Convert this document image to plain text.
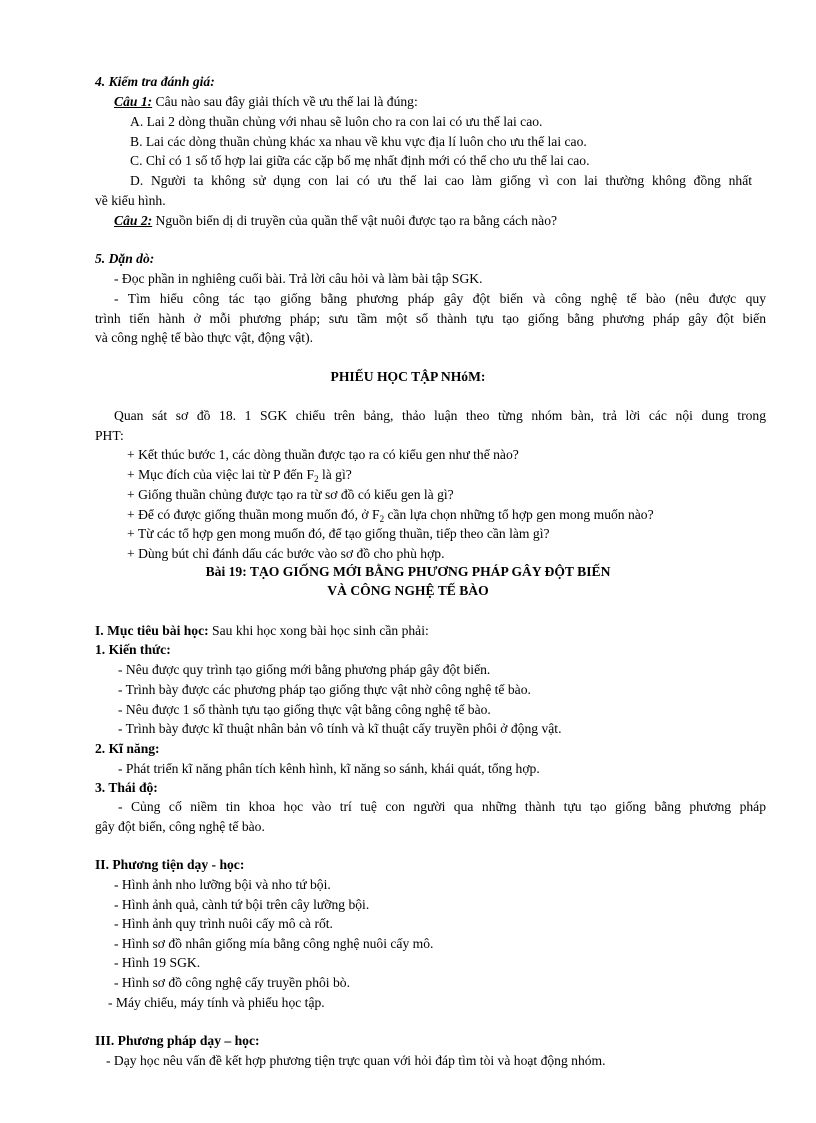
4. Kiểm tra đánh giá:
Câu 1: Câu nào sau đây giải thích về ưu thế lai là đúng:
A. Lai 2 dòng thuần chủng với nhau sẽ luôn cho ra con lai có ưu thế lai cao.
B. Lai các dòng thuần chủng khác xa nhau về khu vực địa lí luôn cho ưu thế lai cao.
C. Chỉ có 1 số tổ hợp lai giữa các cặp bố mẹ nhất định mới có thể cho ưu thế lai cao.
D. Người ta không sử dụng con lai có ưu thế lai cao làm giống vì con lai thường không đồng nhất
về kiểu hình.
Câu 2: Nguồn biến dị di truyền của quần thể vật nuôi được tạo ra bằng cách nào?
5. Dặn dò:
- Đọc phần in nghiêng cuối bài. Trả lời câu hỏi và làm bài tập SGK.
- Tìm hiểu công tác tạo giống bằng phương pháp gây đột biến và công nghệ tế bào (nêu được quy
trình tiến hành ở mỗi phương pháp; sưu tầm một số thành tựu tạo giống bằng phương pháp gây đột biến
và công nghệ tế bào thực vật, động vật).
PHIẾU HỌC TẬP NHóM:
Quan sát sơ đồ 18. 1 SGK chiếu trên bảng, thảo luận theo từng nhóm bàn, trả lời các nội dung trong
PHT:
+ Kết thúc bước 1, các dòng thuần được tạo ra có kiểu gen như thế nào?
+ Mục đích của việc lai từ P đến $F_2$ là gì?
+ Giống thuần chủng được tạo ra từ sơ đồ có kiểu gen là gì?
+ Để có được giống thuần mong muốn đó, ở $F_2$ cần lựa chọn những tổ hợp gen mong muốn nào?
+ Từ các tổ hợp gen mong muốn đó, để tạo giống thuần, tiếp theo cần làm gì?
+ Dùng bút chỉ đánh dấu các bước vào sơ đồ cho phù hợp.
Bài 19: TẠO GIỐNG MỚI BẰNG PHƯƠNG PHÁP GÂY ĐỘT BIẾN
VÀ CÔNG NGHỆ TẾ BÀO
I. Mục tiêu bài học: Sau khi học xong bài học sinh cần phải:
1. Kiến thức:
- Nêu được quy trình tạo giống mới bằng phương pháp gây đột biến.
- Trình bày được các phương pháp tạo giống thực vật nhờ công nghệ tế bào.
- Nêu được 1 số thành tựu tạo giống thực vật bằng công nghệ tế bào.
- Trình bày được kĩ thuật nhân bản vô tính và kĩ thuật cấy truyền phôi ở động vật.
2. Kĩ năng:
- Phát triển kĩ năng phân tích kênh hình, kĩ năng so sánh, khái quát, tổng hợp.
3. Thái độ:
- Củng cố niềm tin khoa học vào trí tuệ con người qua những thành tựu tạo giống bằng phương pháp
gây đột biến, công nghệ tế bào.
II. Phương tiện dạy - học:
- Hình ảnh nho lưỡng bội và nho tứ bội.
- Hình ảnh quả, cành tứ bội trên cây lưỡng bội.
- Hình ảnh quy trình nuôi cấy mô cà rốt.
- Hình sơ đồ nhân giống mía bằng công nghệ nuôi cấy mô.
- Hình 19 SGK.
- Hình sơ đồ công nghệ cấy truyền phôi bò.
- Máy chiếu, máy tính và phiếu học tập.
III. Phương pháp dạy – học:
- Dạy học nêu vấn đề kết hợp phương tiện trực quan với hỏi đáp tìm tòi và hoạt động nhóm.
